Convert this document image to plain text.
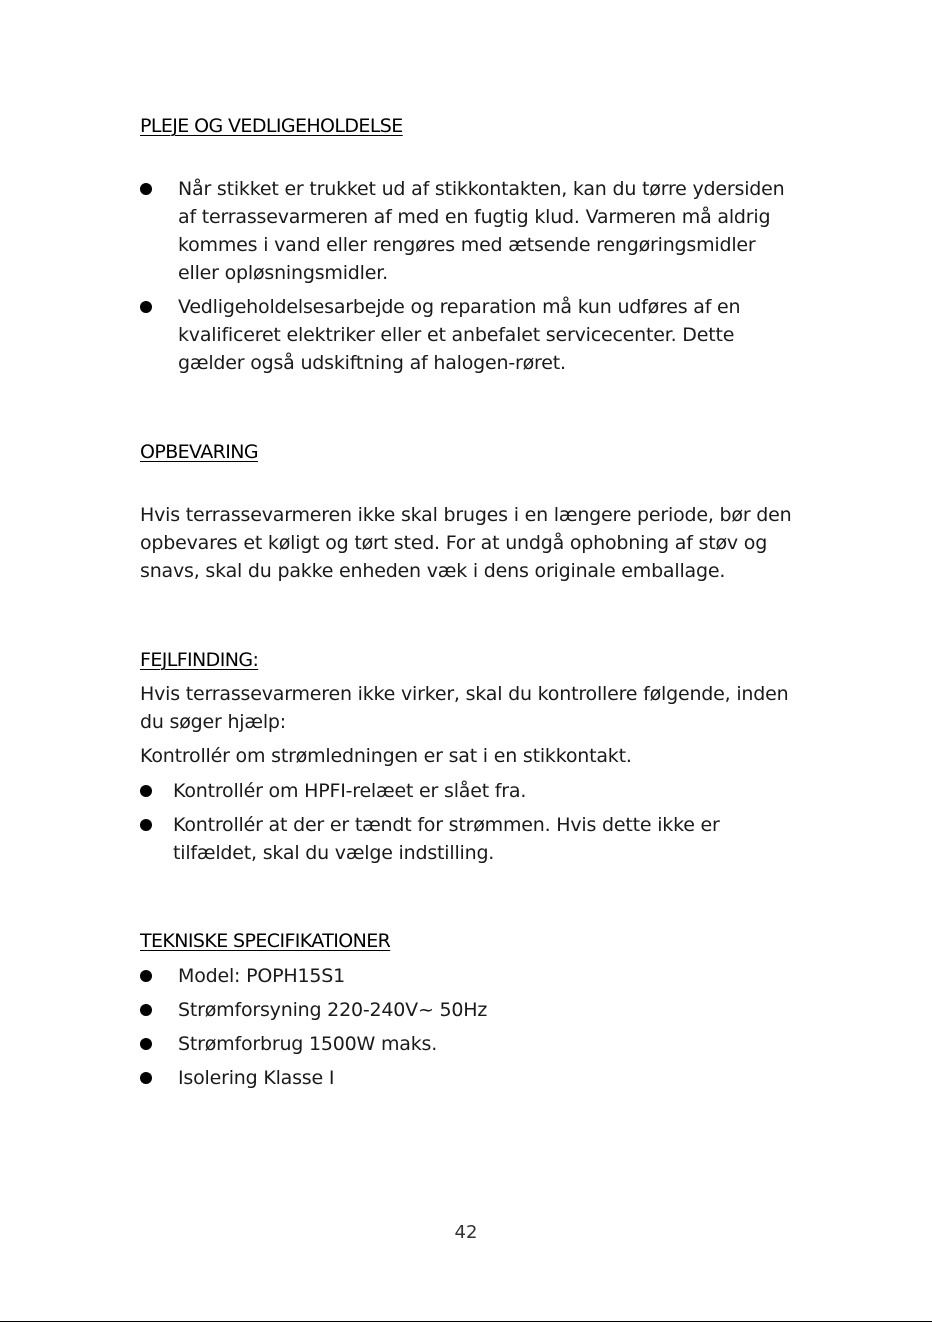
PLEJE OG VEDLIGEHOLDELSE
Når stikket er trukket ud af stikkontakten, kan du tørre ydersiden af terrassevarmeren af med en fugtig klud. Varmeren må aldrig kommes i vand eller rengøres med ætsende rengøringsmidler eller opløsningsmidler.
Vedligeholdelsesarbejde og reparation må kun udføres af en kvalificeret elektriker eller et anbefalet servicecenter. Dette gælder også udskiftning af halogen-røret.
OPBEVARING

Hvis terrassevarmeren ikke skal bruges i en længere periode, bør den opbevares et køligt og tørt sted. For at undgå ophobning af støv og snavs, skal du pakke enheden væk i dens originale emballage.

FEJLFINDING:

Hvis terrassevarmeren ikke virker, skal du kontrollere følgende, inden du søger hjælp:

Kontrollér om strømledningen er sat i en stikkontakt.

Kontrollér om HPFI-relæet er slået fra.
Kontrollér at der er tændt for strømmen. Hvis dette ikke er tilfældet, skal du vælge indstilling.
TEKNISKE SPECIFIKATIONER
Model: POPH15S1
Strømforsyning 220-240V~ 50Hz
Strømforbrug 1500W maks.
Isolering Klasse I
42
